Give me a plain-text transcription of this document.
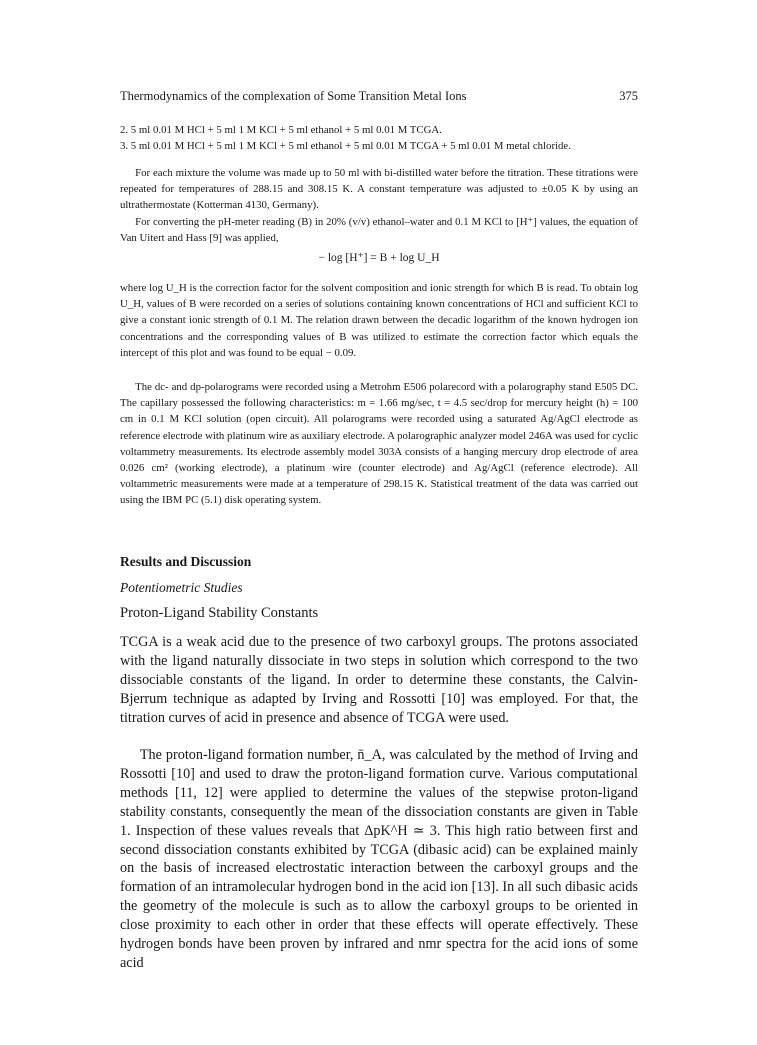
Thermodynamics of the complexation of Some Transition Metal Ions	375

2. 5 ml 0.01 M HCl + 5 ml 1 M KCl + 5 ml ethanol + 5 ml 0.01 M TCGA.

3. 5 ml 0.01 M HCl + 5 ml 1 M KCl + 5 ml ethanol + 5 ml 0.01 M TCGA + 5 ml 0.01 M metal chloride.

For each mixture the volume was made up to 50 ml with bi-distilled water before the titration. These titrations were repeated for temperatures of 288.15 and 308.15 K. A constant temperature was adjusted to ±0.05 K by using an ultrathermostate (Kotterman 4130, Germany).

For converting the pH-meter reading (B) in 20% (v/v) ethanol–water and 0.1 M KCl to [H⁺] values, the equation of Van Uitert and Hass [9] was applied,

− log [H⁺] = B + log U_H

where log U_H is the correction factor for the solvent composition and ionic strength for which B is read. To obtain log U_H, values of B were recorded on a series of solutions containing known concentrations of HCl and sufficient KCl to give a constant ionic strength of 0.1 M. The relation drawn between the decadic logarithm of the known hydrogen ion concentrations and the corresponding values of B was utilized to estimate the correction factor which equals the intercept of this plot and was found to be equal − 0.09.

The dc- and dp-polarograms were recorded using a Metrohm E506 polarecord with a polarography stand E505 DC. The capillary possessed the following characteristics: m = 1.66 mg/sec, t = 4.5 sec/drop for mercury height (h) = 100 cm in 0.1 M KCl solution (open circuit). All polarograms were recorded using a saturated Ag/AgCl electrode as reference electrode with platinum wire as auxiliary electrode. A polarographic analyzer model 246A was used for cyclic voltammetry measurements. Its electrode assembly model 303A consists of a hanging mercury drop electrode of area 0.026 cm² (working electrode), a platinum wire (counter electrode) and Ag/AgCl (reference electrode). All voltammetric measurements were made at a temperature of 298.15 K. Statistical treatment of the data was carried out using the IBM PC (5.1) disk operating system.

Results and Discussion
Potentiometric Studies
Proton-Ligand Stability Constants

TCGA is a weak acid due to the presence of two carboxyl groups. The protons associated with the ligand naturally dissociate in two steps in solution which correspond to the two dissociable constants of the ligand. In order to determine these constants, the Calvin-Bjerrum technique as adapted by Irving and Rossotti [10] was employed. For that, the titration curves of acid in presence and absence of TCGA were used.

The proton-ligand formation number, n̄_A, was calculated by the method of Irving and Rossotti [10] and used to draw the proton-ligand formation curve. Various computational methods [11, 12] were applied to determine the values of the stepwise proton-ligand stability constants, consequently the mean of the dissociation constants are given in Table 1. Inspection of these values reveals that ΔpK^H ≃ 3. This high ratio between first and second dissociation constants exhibited by TCGA (dibasic acid) can be explained mainly on the basis of increased electrostatic interaction between the carboxyl groups and the formation of an intramolecular hydrogen bond in the acid ion [13]. In all such dibasic acids the geometry of the molecule is such as to allow the carboxyl groups to be oriented in close proximity to each other in order that these effects will operate effectively. These hydrogen bonds have been proven by infrared and nmr spectra for the acid ions of some acid
